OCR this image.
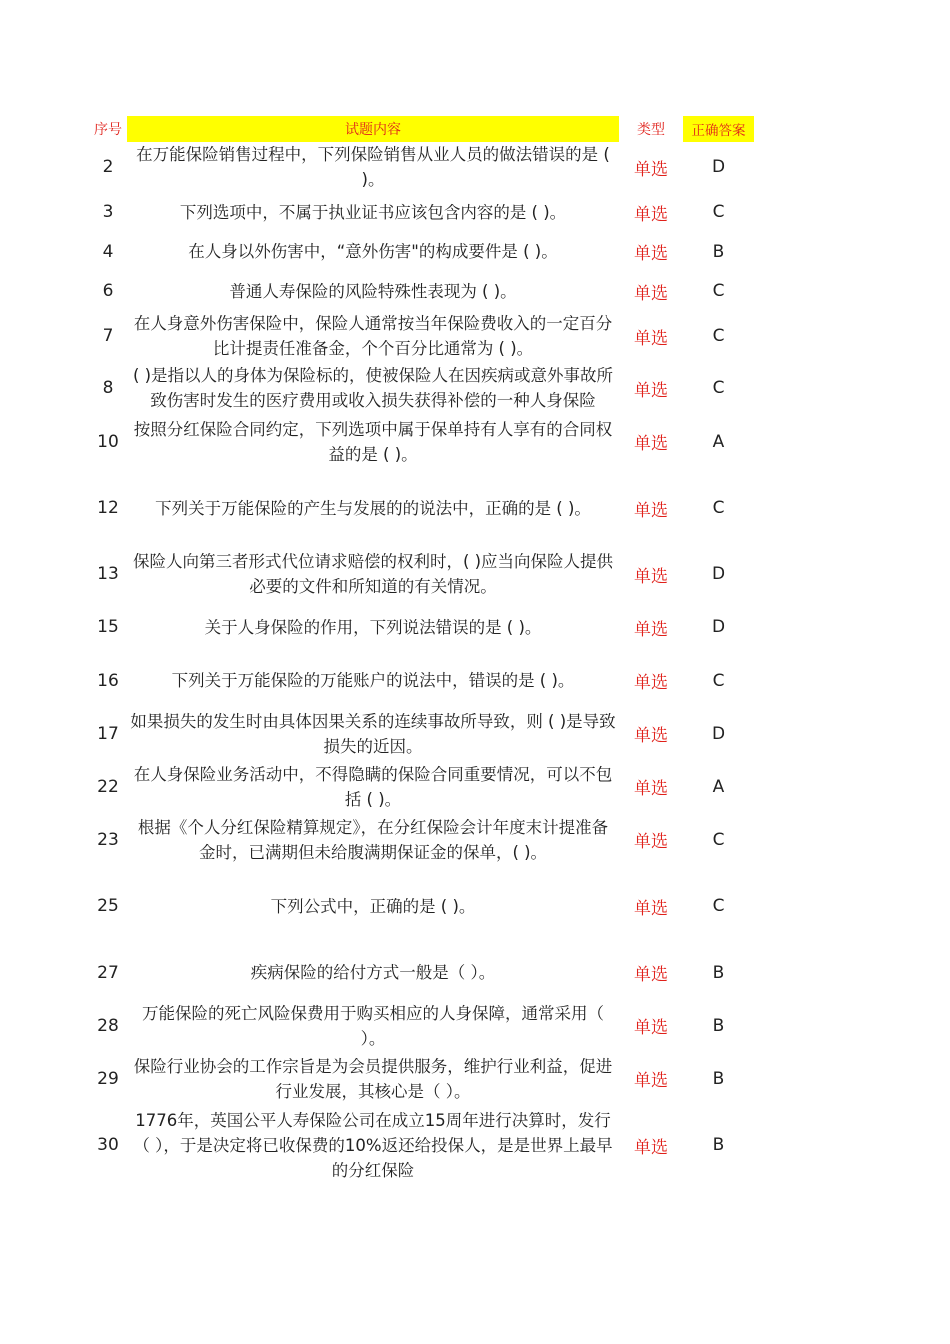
序号	试题内容	类型	正确答案
2	在万能保险销售过程中，下列保险销售从业人员的做法错误的是 ( )。	单选	D
3	下列选项中，不属于执业证书应该包含内容的是 ( )。	单选	C
4	在人身以外伤害中，“意外伤害"的构成要件是 ( )。	单选	B
6	普通人寿保险的风险特殊性表现为 ( )。	单选	C
7	在人身意外伤害保险中，保险人通常按当年保险费收入的一定百分比计提责任准备金，个个百分比通常为 ( )。	单选	C
8	( )是指以人的身体为保险标的，使被保险人在因疾病或意外事故所致伤害时发生的医疗费用或收入损失获得补偿的一种人身保险	单选	C
10	按照分红保险合同约定，下列选项中属于保单持有人享有的合同权益的是 ( )。	单选	A
12	下列关于万能保险的产生与发展的的说法中，正确的是 ( )。	单选	C
13	保险人向第三者形式代位请求赔偿的权利时，( )应当向保险人提供必要的文件和所知道的有关情况。	单选	D
15	关于人身保险的作用，下列说法错误的是 ( )。	单选	D
16	下列关于万能保险的万能账户的说法中，错误的是 ( )。	单选	C
17	如果损失的发生时由具体因果关系的连续事故所导致，则 ( )是导致损失的近因。	单选	D
22	在人身保险业务活动中，不得隐瞒的保险合同重要情况，可以不包括 ( )。	单选	A
23	根据《个人分红保险精算规定》，在分红保险会计年度末计提准备金时，已满期但未给腹满期保证金的保单，( )。	单选	C
25	下列公式中，正确的是 ( )。	单选	C
27	疾病保险的给付方式一般是（ ）。	单选	B
28	万能保险的死亡风险保费用于购买相应的人身保障，通常采用（ ）。	单选	B
29	保险行业协会的工作宗旨是为会员提供服务，维护行业利益，促进行业发展，其核心是（ ）。	单选	B
30	1776年，英国公平人寿保险公司在成立15周年进行决算时，发行（ ），于是决定将已收保费的10%返还给投保人，是是世界上最早的分红保险	单选	B
